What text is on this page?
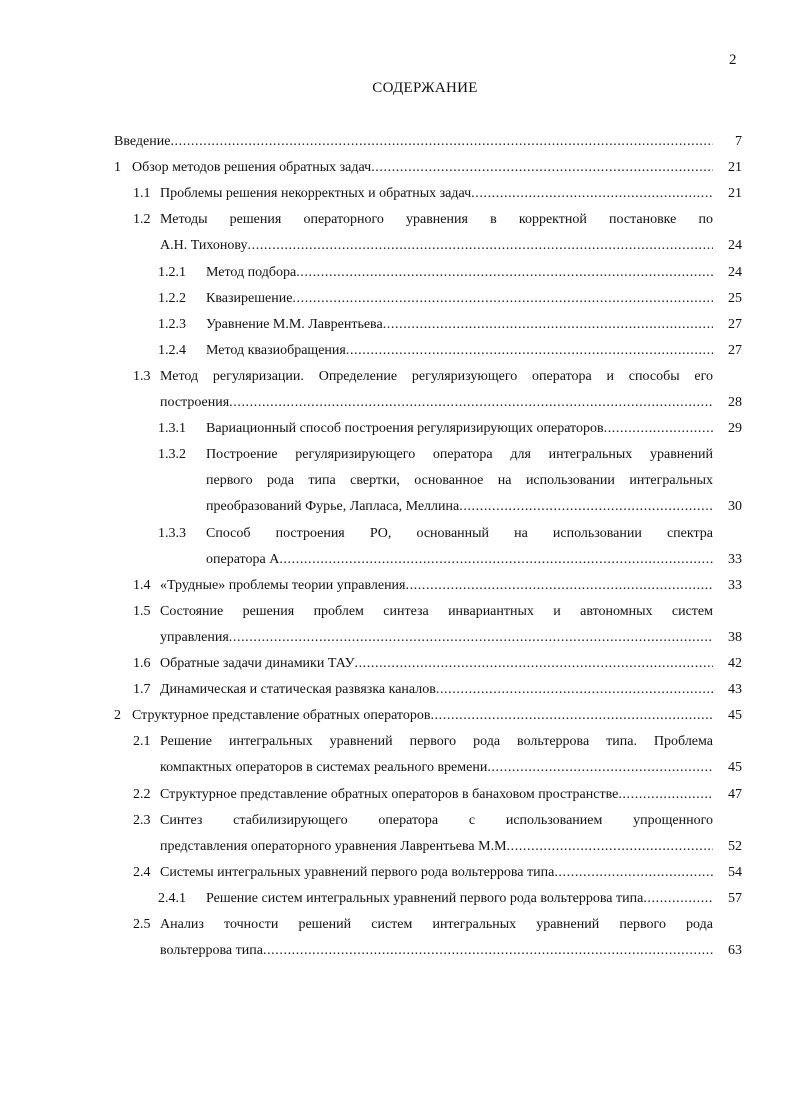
2
СОДЕРЖАНИЕ
Введение .....	7
1 Обзор методов решения обратных задач .....	21
1.1 Проблемы решения некорректных и обратных задач .....	21
1.2 Методы решения операторного уравнения в корректной постановке по
А.Н. Тихонову .....	24
1.2.1 Метод подбора .....	24
1.2.2 Квазирешение .....	25
1.2.3 Уравнение М.М. Лаврентьева .....	27
1.2.4 Метод квазиобращения .....	27
1.3 Метод регуляризации. Определение регуляризующего оператора и способы его
построения .....	28
1.3.1 Вариационный способ построения регуляризирующих операторов .....	29
1.3.2 Построение регуляризирующего оператора для интегральных уравнений
первого рода типа свертки, основанное на использовании интегральных
преобразований Фурье, Лапласа, Меллина .....	30
1.3.3 Способ построения РО, основанный на использовании спектра
оператора А .....	33
1.4 «Трудные» проблемы теории управления .....	33
1.5 Состояние решения проблем синтеза инвариантных и автономных систем
управления .....	38
1.6 Обратные задачи динамики ТАУ .....	42
1.7 Динамическая и статическая развязка каналов .....	43
2 Структурное представление обратных операторов .....	45
2.1 Решение интегральных уравнений первого рода вольтеррова типа. Проблема
компактных операторов в системах реального времени .....	45
2.2 Структурное представление обратных операторов в банаховом пространстве .....	47
2.3 Синтез стабилизирующего оператора с использованием упрощенного
представления операторного уравнения Лаврентьева М.М .....	52
2.4 Системы интегральных уравнений первого рода вольтеррова типа .....	54
2.4.1 Решение систем интегральных уравнений первого рода вольтеррова типа .....	57
2.5 Анализ точности решений систем интегральных уравнений первого рода
вольтеррова типа .....	63
